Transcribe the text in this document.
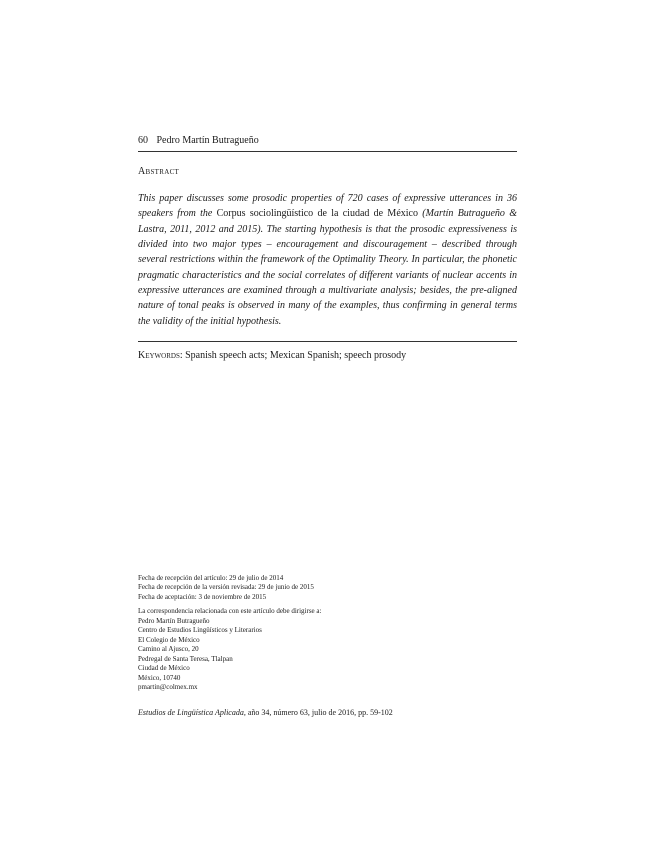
60 Pedro Martín Butragueño
Abstract
This paper discusses some prosodic properties of 720 cases of expressive utterances in 36 speakers from the Corpus sociolingüístico de la ciudad de México (Martín Butragueño & Lastra, 2011, 2012 and 2015). The starting hypothesis is that the prosodic expressiveness is divided into two major types – encouragement and discouragement – described through several restrictions within the framework of the Optimality Theory. In particular, the phonetic pragmatic characteristics and the social correlates of different variants of nuclear accents in expressive utterances are examined through a multivariate analysis; besides, the pre-aligned nature of tonal peaks is observed in many of the examples, thus confirming in general terms the validity of the initial hypothesis.
Keywords: Spanish speech acts; Mexican Spanish; speech prosody
Fecha de recepción del artículo: 29 de julio de 2014
Fecha de recepción de la versión revisada: 29 de junio de 2015
Fecha de aceptación: 3 de noviembre de 2015
La correspondencia relacionada con este artículo debe dirigirse a:
Pedro Martín Butragueño
Centro de Estudios Lingüísticos y Literarios
El Colegio de México
Camino al Ajusco, 20
Pedregal de Santa Teresa, Tlalpan
Ciudad de México
México, 10740
pmartin@colmex.mx
Estudios de Lingüística Aplicada, año 34, número 63, julio de 2016, pp. 59-102
